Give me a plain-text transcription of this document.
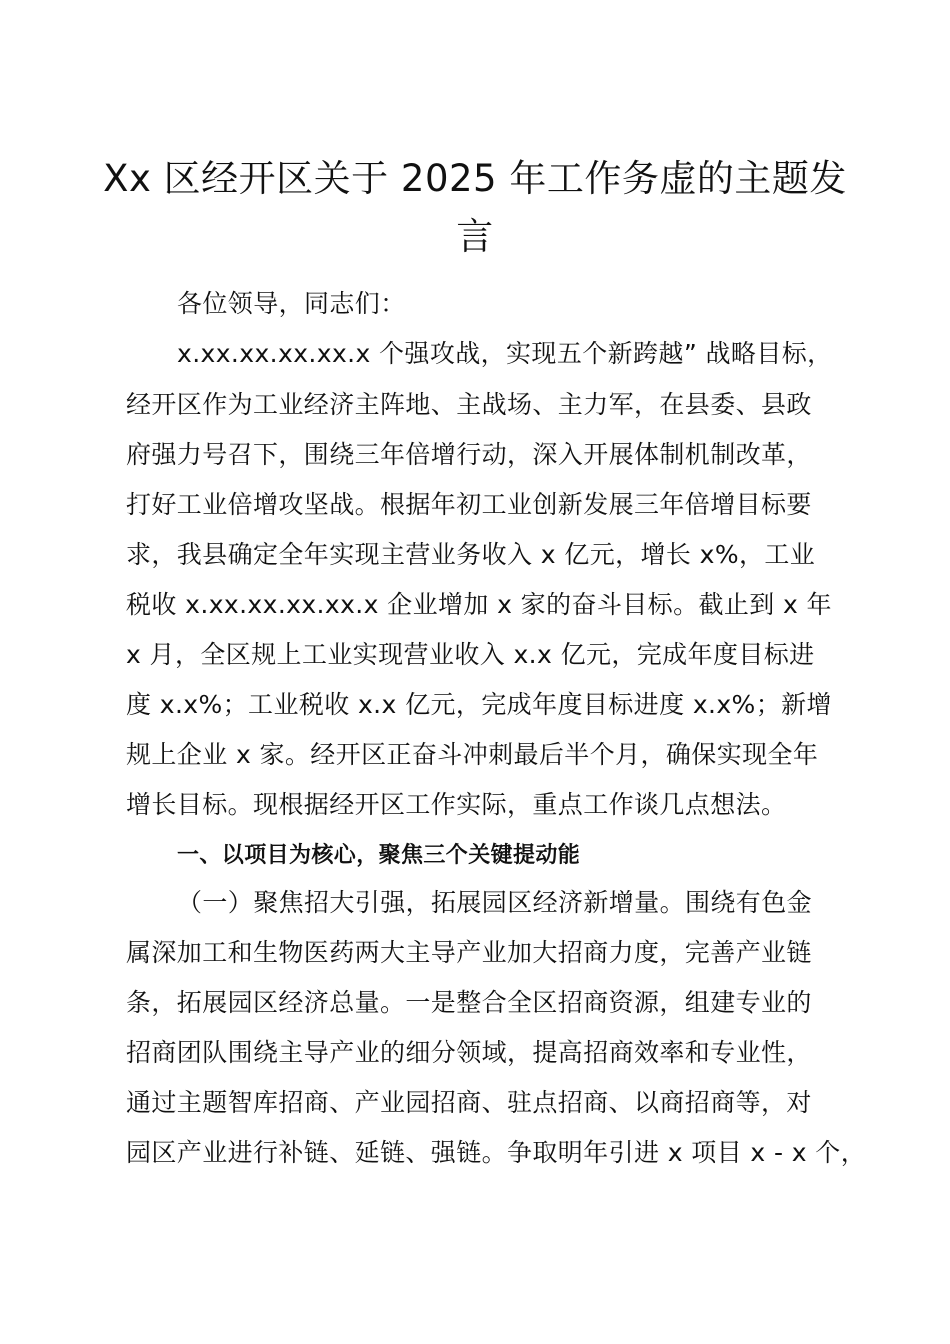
Xx 区经开区关于 2025 年工作务虚的主题发
言

各位领导，同志们：

x.xx.xx.xx.xx.x 个强攻战，实现五个新跨越” 战略目标，

经开区作为工业经济主阵地、主战场、主力军，在县委、县政

府强力号召下，围绕三年倍增行动，深入开展体制机制改革，

打好工业倍增攻坚战。根据年初工业创新发展三年倍增目标要

求，我县确定全年实现主营业务收入 x 亿元，增长 x%，工业

税收 x.xx.xx.xx.xx.x 企业增加 x 家的奋斗目标。截止到 x 年

x 月，全区规上工业实现营业收入 x.x 亿元，完成年度目标进

度 x.x%；工业税收 x.x 亿元，完成年度目标进度 x.x%；新增

规上企业 x 家。经开区正奋斗冲刺最后半个月，确保实现全年

增长目标。现根据经开区工作实际，重点工作谈几点想法。

一、以项目为核心，聚焦三个关键提动能

（一）聚焦招大引强，拓展园区经济新增量。围绕有色金

属深加工和生物医药两大主导产业加大招商力度，完善产业链

条，拓展园区经济总量。一是整合全区招商资源，组建专业的

招商团队围绕主导产业的细分领域，提高招商效率和专业性，

通过主题智库招商、产业园招商、驻点招商、以商招商等，对

园区产业进行补链、延链、强链。争取明年引进 x 项目 x - x 个，
